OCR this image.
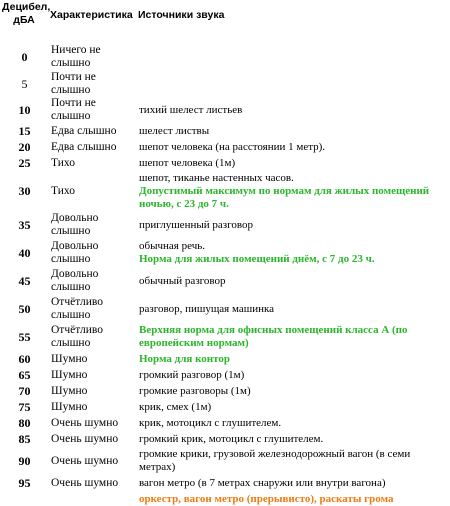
Децибел, дБА	Характеристика	Источники звука
0	Ничего не слышно	
5	Почти не слышно	
10	Почти не слышно	тихий шелест листьев
15	Едва слышно	шелест листвы
20	Едва слышно	шепот человека (на расстоянии 1 метр).
25	Тихо	шепот человека (1м)
30	Тихо	шепот, тиканье настенных часов.
Допустимый максимум по нормам для жилых помещений ночью, с 23 до 7 ч.

35	Довольно слышно	приглушенный разговор
40	Довольно слышно	обычная речь.
Норма для жилых помещений днём, с 7 до 23 ч.

45	Довольно слышно	обычный разговор
50	Отчётливо слышно	разговор, пишущая машинка
55	Отчётливо слышно	Верхняя норма для офисных помещений класса А (по европейским нормам)

60	Шумно	Норма для контор

65	Шумно	громкий разговор (1м)
70	Шумно	громкие разговоры (1м)
75	Шумно	крик, смех (1м)
80	Очень шумно	крик, мотоцикл с глушителем.
85	Очень шумно	громкий крик, мотоцикл с глушителем.
90	Очень шумно	громкие крики, грузовой железнодорожный вагон (в семи метрах)
95	Очень шумно	вагон метро (в 7 метрах снаружи или внутри вагона)
оркестр, вагон метро (прерывисто), раскаты грома
